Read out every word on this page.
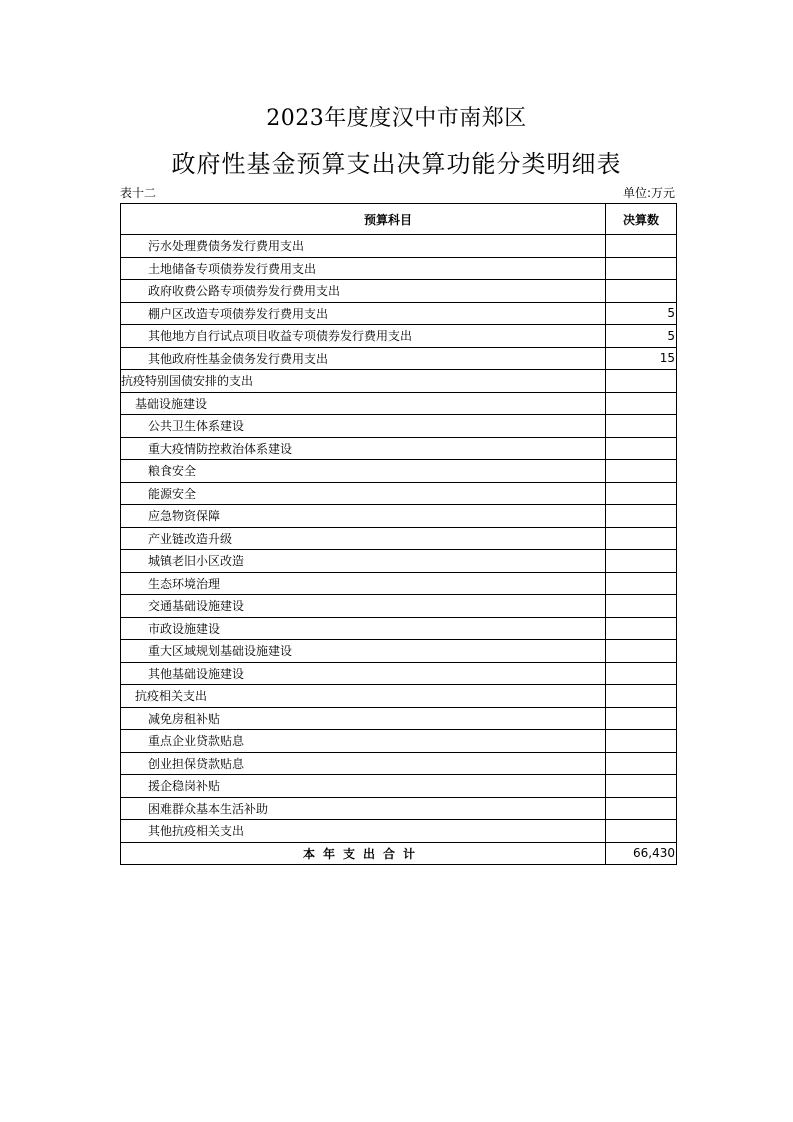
2023年度度汉中市南郑区
政府性基金预算支出决算功能分类明细表
表十二	单位:万元
预算科目	决算数
污水处理费债务发行费用支出	
土地储备专项债券发行费用支出	
政府收费公路专项债券发行费用支出	
棚户区改造专项债券发行费用支出	5
其他地方自行试点项目收益专项债券发行费用支出	5
其他政府性基金债务发行费用支出	15
抗疫特别国债安排的支出	
基础设施建设	
公共卫生体系建设	
重大疫情防控救治体系建设	
粮食安全	
能源安全	
应急物资保障	
产业链改造升级	
城镇老旧小区改造	
生态环境治理	
交通基础设施建设	
市政设施建设	
重大区域规划基础设施建设	
其他基础设施建设	
抗疫相关支出	
减免房租补贴	
重点企业贷款贴息	
创业担保贷款贴息	
援企稳岗补贴	
困难群众基本生活补助	
其他抗疫相关支出	
本年支出合计	66,430
